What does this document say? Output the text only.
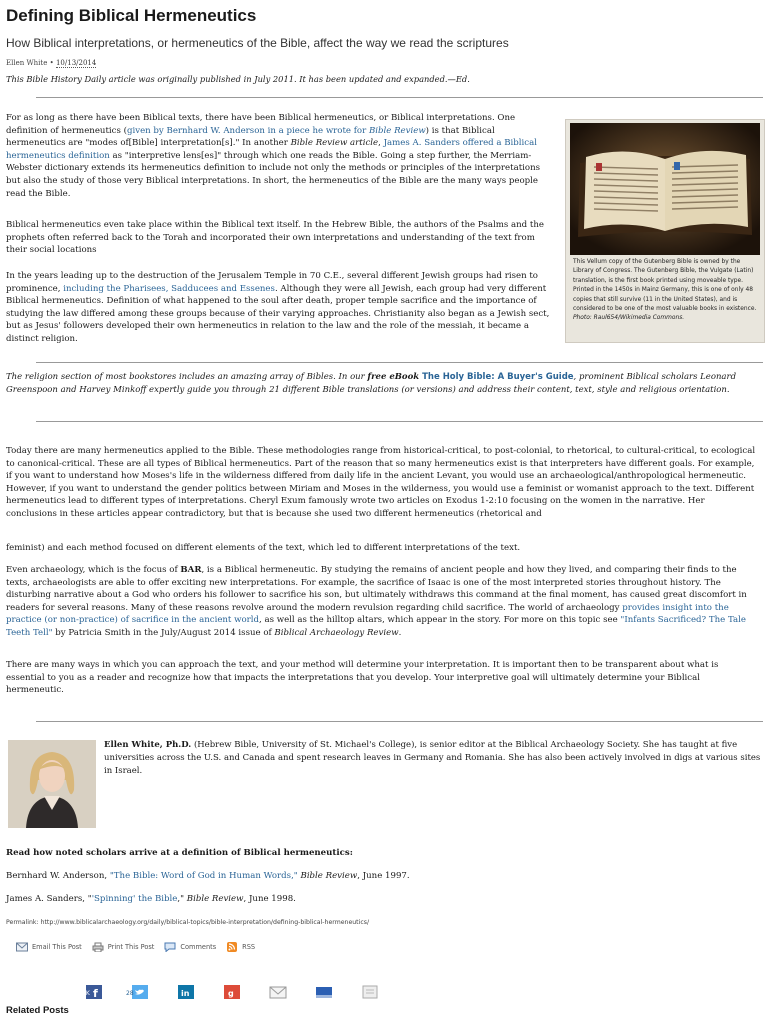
Defining Biblical Hermeneutics

How Biblical interpretations, or hermeneutics of the Bible, affect the way we read the scriptures

Ellen White • 10/13/2014

This Bible History Daily article was originally published in July 2011. It has been updated and expanded.—Ed.

For as long as there have been Biblical texts, there have been Biblical hermeneutics, or Biblical interpretations. One definition of hermeneutics (given by Bernhard W. Anderson in a piece he wrote for Bible Review) is that Biblical hermeneutics are "modes of[Bible] interpretation[s]." In another Bible Review article, James A. Sanders offered a Biblical hermeneutics definition as "interpretive lens[es]" through which one reads the Bible. Going a step further, the Merriam-Webster dictionary extends its hermeneutics definition to include not only the methods or principles of the interpretations but also the study of those very Biblical interpretations. In short, the hermeneutics of the Bible are the many ways people read the Bible.

Biblical hermeneutics even take place within the Biblical text itself. In the Hebrew Bible, the authors of the Psalms and the prophets often referred back to the Torah and incorporated their own interpretations and understanding of the text from their social locations

In the years leading up to the destruction of the Jerusalem Temple in 70 C.E., several different Jewish groups had risen to prominence, including the Pharisees, Sadducees and Essenes. Although they were all Jewish, each group had very different Biblical hermeneutics. Definition of what happened to the soul after death, proper temple sacrifice and the importance of studying the law differed among these groups because of their varying approaches. Christianity also began as a Jewish sect, but as Jesus' followers developed their own hermeneutics in relation to the law and the role of the messiah, it became a distinct religion.

This Vellum copy of the Gutenberg Bible is owned by the Library of Congress. The Gutenberg Bible, the Vulgate (Latin) translation, is the first book printed using moveable type. Printed in the 1450s in Mainz Germany, this is one of only 48 copies that still survive (11 in the United States), and is considered to be one of the most valuable books in existence. Photo: Raul654/Wikimedia Commons.

The religion section of most bookstores includes an amazing array of Bibles. In our free eBook The Holy Bible: A Buyer's Guide, prominent Biblical scholars Leonard Greenspoon and Harvey Minkoff expertly guide you through 21 different Bible translations (or versions) and address their content, text, style and religious orientation.

Today there are many hermeneutics applied to the Bible. These methodologies range from historical-critical, to post-colonial, to rhetorical, to cultural-critical, to ecological to canonical-critical. These are all types of Biblical hermeneutics. Part of the reason that so many hermeneutics exist is that interpreters have different goals. For example, if you want to understand how Moses's life in the wilderness differed from daily life in the ancient Levant, you would use an archaeological/anthropological hermeneutic. However, if you want to understand the gender politics between Miriam and Moses in the wilderness, you would use a feminist or womanist approach to the text. Different hermeneutics lead to different types of interpretations. Cheryl Exum famously wrote two articles on Exodus 1-2:10 focusing on the women in the narrative. Her conclusions in these articles appear contradictory, but that is because she used two different hermeneutics (rhetorical and

feminist) and each method focused on different elements of the text, which led to different interpretations of the text.

Even archaeology, which is the focus of BAR, is a Biblical hermeneutic. By studying the remains of ancient people and how they lived, and comparing their finds to the texts, archaeologists are able to offer exciting new interpretations. For example, the sacrifice of Isaac is one of the most interpreted stories throughout history. The disturbing narrative about a God who orders his follower to sacrifice his son, but ultimately withdraws this command at the final moment, has caused great discomfort in readers for several reasons. Many of these reasons revolve around the modern revulsion regarding child sacrifice. The world of archaeology provides insight into the practice (or non-practice) of sacrifice in the ancient world, as well as the hilltop altars, which appear in the story. For more on this topic see "Infants Sacrificed? The Tale Teeth Tell" by Patricia Smith in the July/August 2014 issue of Biblical Archaeology Review.

There are many ways in which you can approach the text, and your method will determine your interpretation. It is important then to be transparent about what is essential to you as a reader and recognize how that impacts the interpretations that you develop. Your interpretive goal will ultimately determine your Biblical hermeneutic.

Ellen White, Ph.D. (Hebrew Bible, University of St. Michael's College), is senior editor at the Biblical Archaeology Society. She has taught at five universities across the U.S. and Canada and spent research leaves in Germany and Romania. She has also been actively involved in digs at various sites in Israel.

Read how noted scholars arrive at a definition of Biblical hermeneutics:

Bernhard W. Anderson, "The Bible: Word of God in Human Words," Bible Review, June 1997.

James A. Sanders, "'Spinning' the Bible," Bible Review, June 1998.

Permalink: http://www.biblicalarchaeology.org/daily/biblical-topics/bible-interpretation/defining-biblical-hermeneutics/

Email This Post	Print This Post	Comments	RSS
f
1K	28	in	g
Related Posts
